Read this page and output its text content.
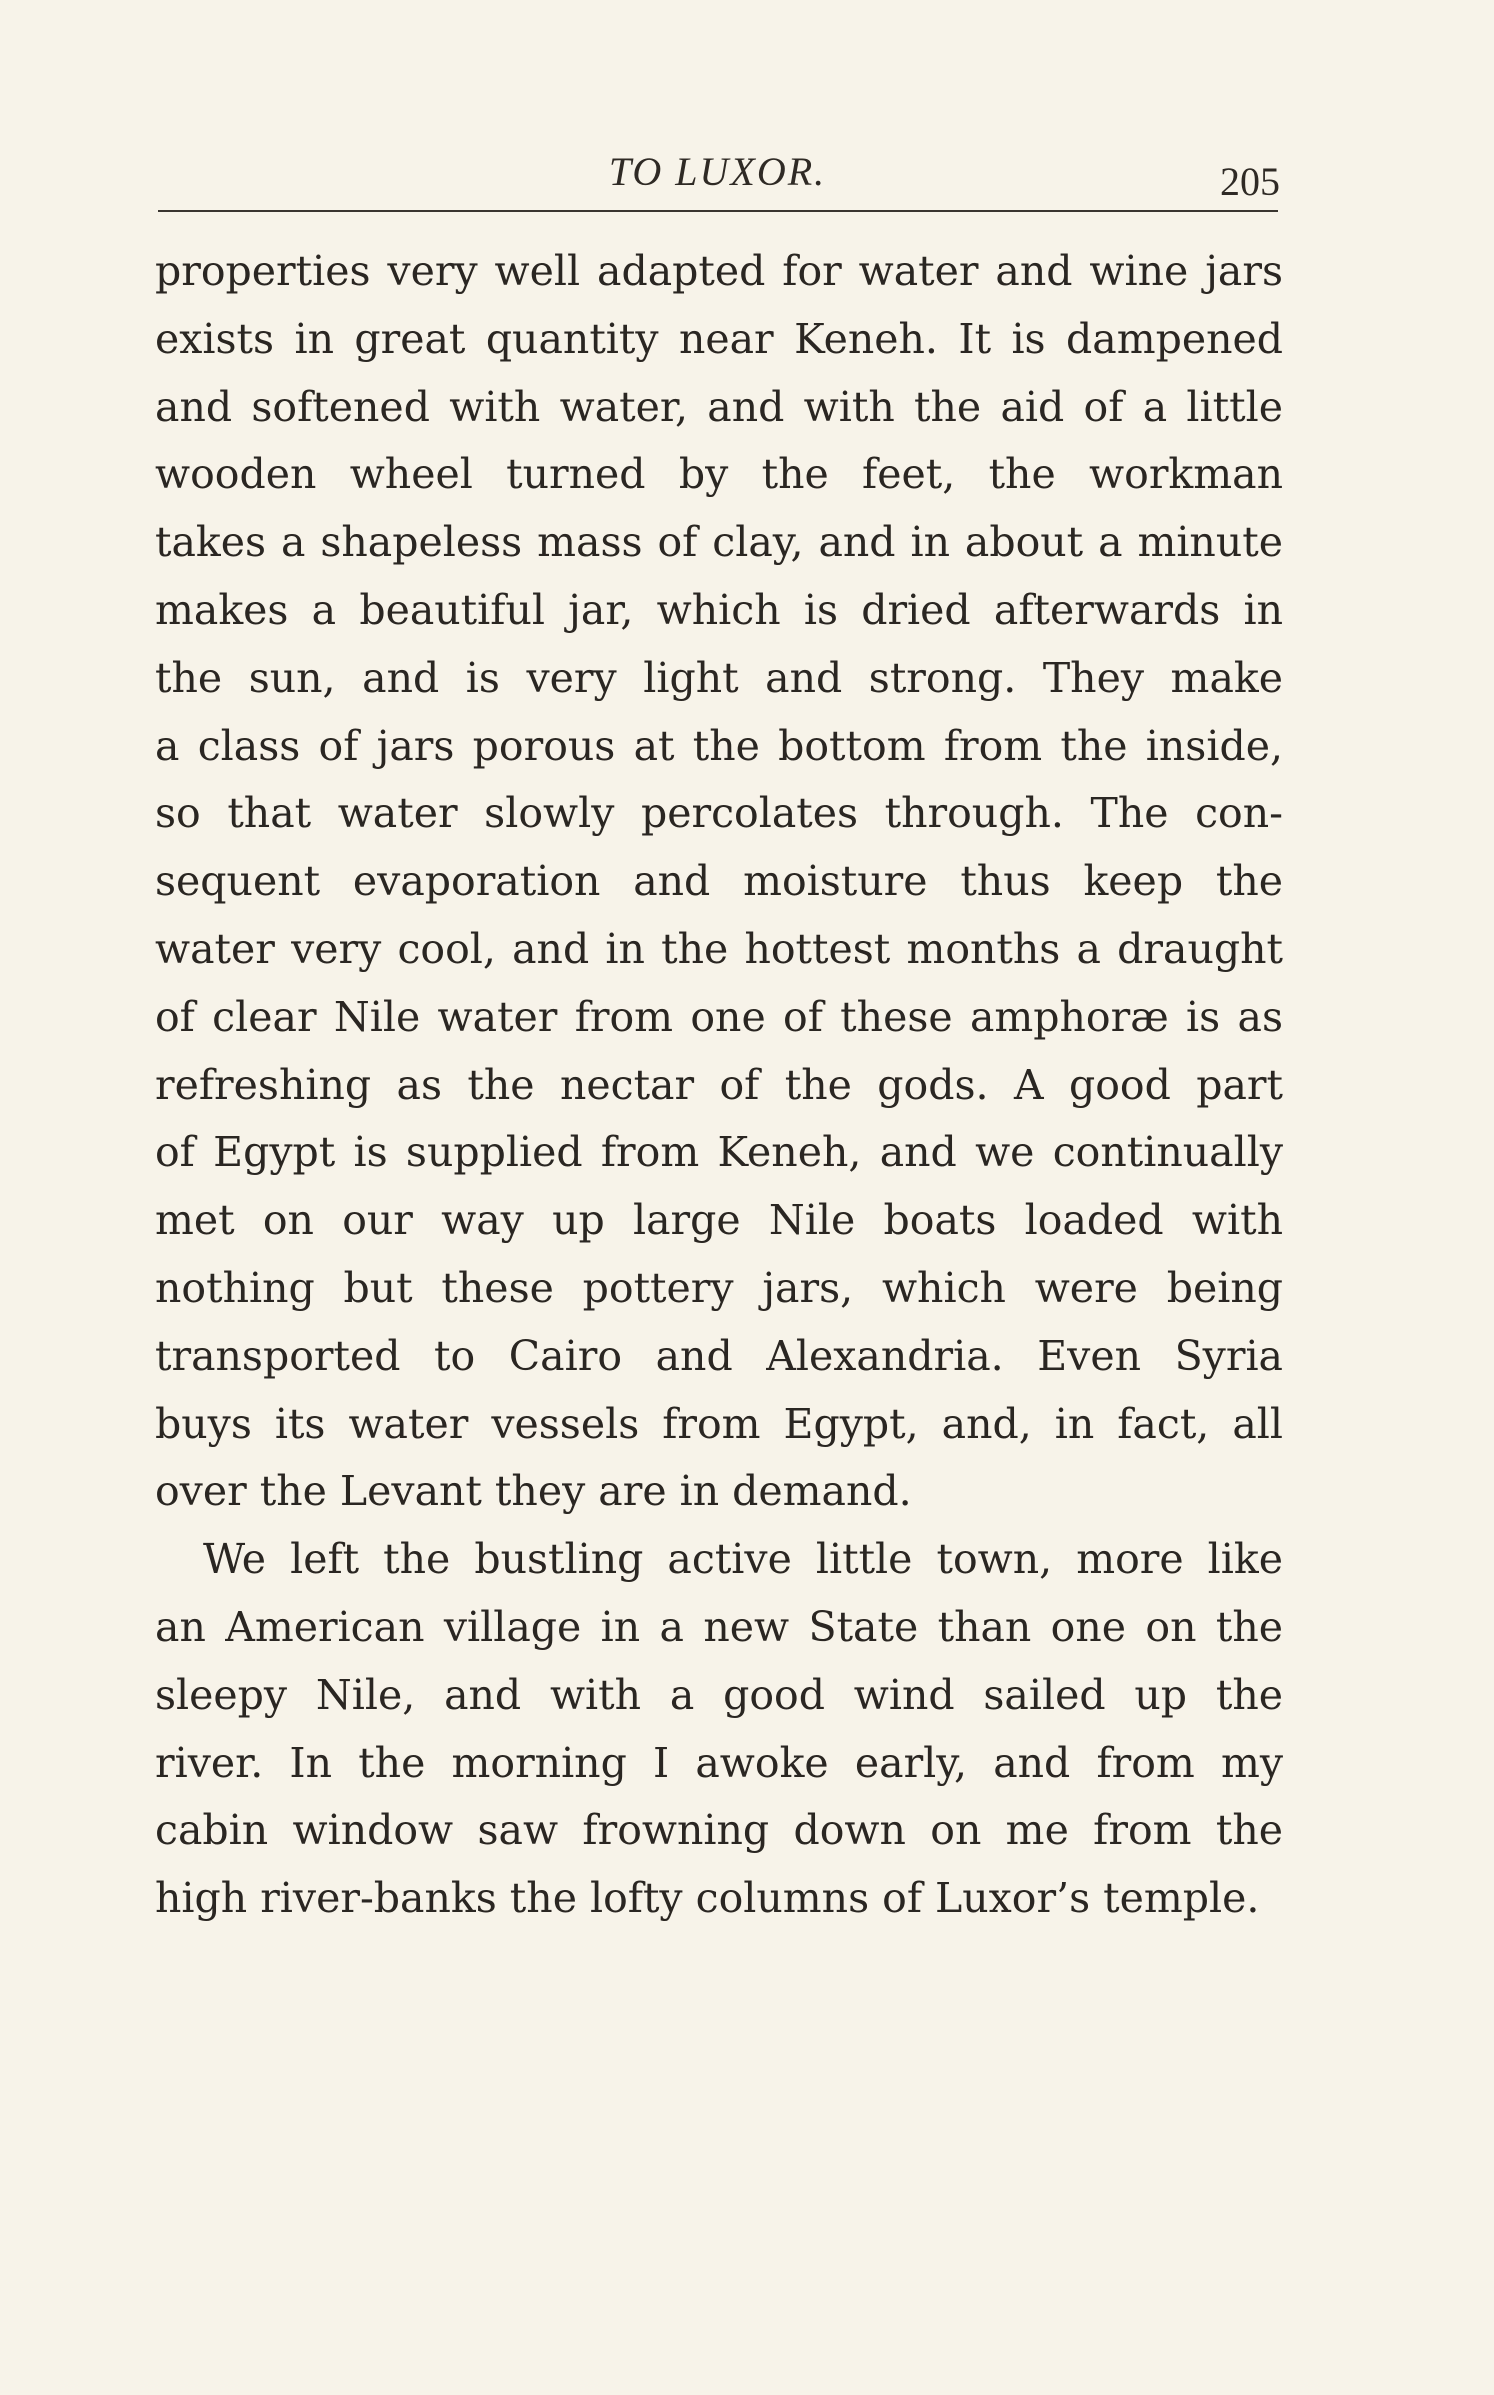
TO LUXOR.	205
properties very well adapted for water and wine jars
exists in great quantity near Keneh. It is dampened
and softened with water, and with the aid of a little
wooden wheel turned by the feet, the workman
takes a shapeless mass of clay, and in about a minute
makes a beautiful jar, which is dried afterwards in
the sun, and is very light and strong. They make
a class of jars porous at the bottom from the inside,
so that water slowly percolates through. The con-
sequent evaporation and moisture thus keep the
water very cool, and in the hottest months a draught
of clear Nile water from one of these amphoræ is as
refreshing as the nectar of the gods. A good part
of Egypt is supplied from Keneh, and we continually
met on our way up large Nile boats loaded with
nothing but these pottery jars, which were being
transported to Cairo and Alexandria. Even Syria
buys its water vessels from Egypt, and, in fact, all
over the Levant they are in demand.
We left the bustling active little town, more like
an American village in a new State than one on the
sleepy Nile, and with a good wind sailed up the
river. In the morning I awoke early, and from my
cabin window saw frowning down on me from the
high river-banks the lofty columns of Luxor’s temple.
